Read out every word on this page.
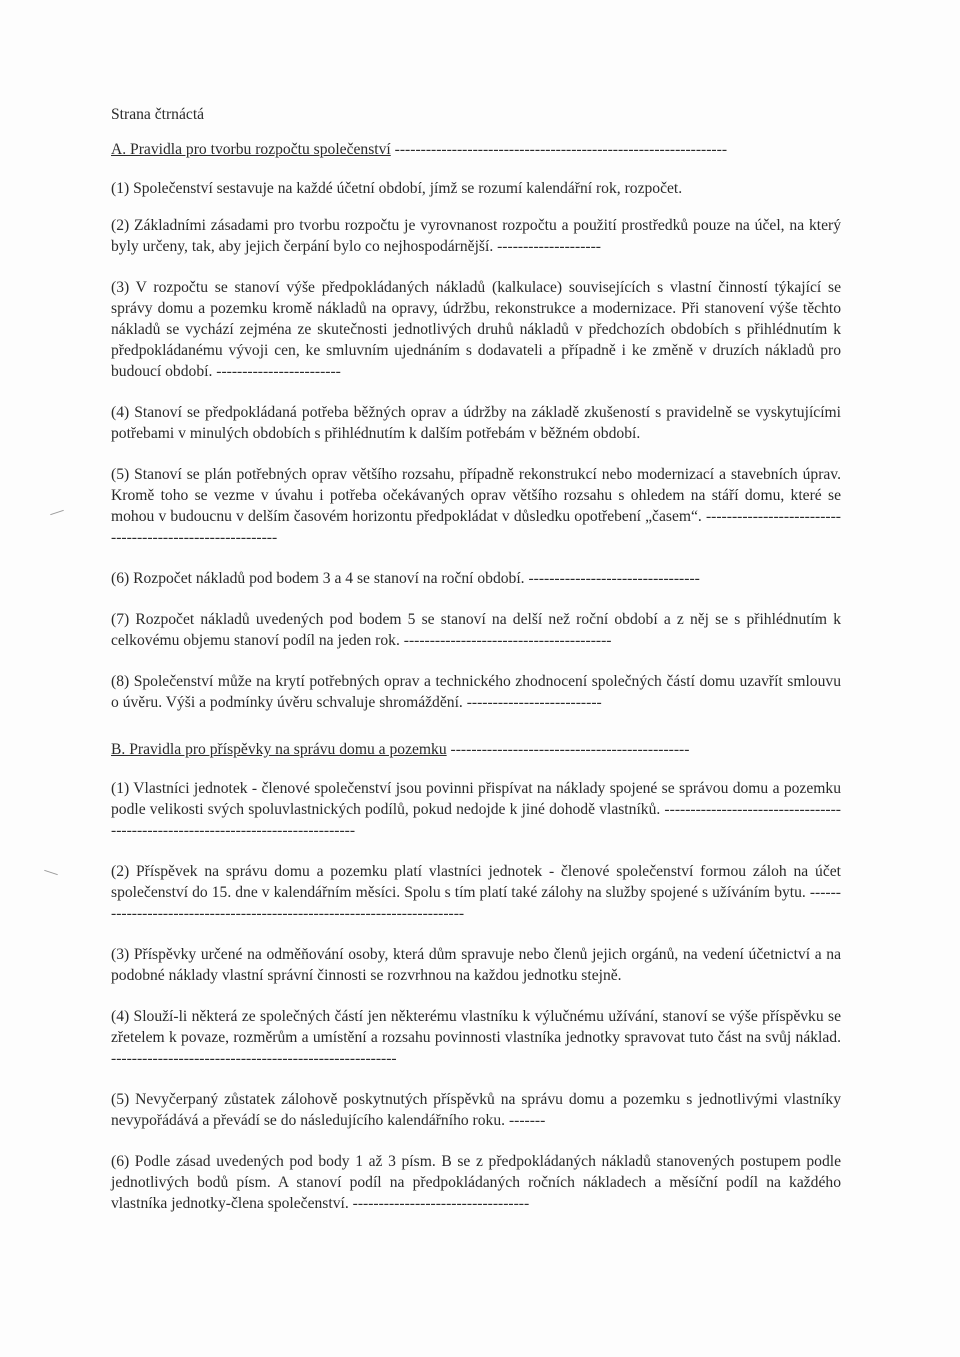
Strana čtrnáctá
A. Pravidla pro tvorbu rozpočtu společenství ----------------------------------------------------------------

(1) Společenství sestavuje na každé účetní období, jímž se rozumí kalendářní rok, rozpočet.

(2) Základními zásadami pro tvorbu rozpočtu je vyrovnanost rozpočtu a použití prostředků pouze na účel, na který byly určeny, tak, aby jejich čerpání bylo co nejhospodárnější. --------------------

(3) V rozpočtu se stanoví výše předpokládaných nákladů (kalkulace) souvisejících s vlastní činností týkající se správy domu a pozemku kromě nákladů na opravy, údržbu, rekonstrukce a modernizace. Při stanovení výše těchto nákladů se vychází zejména ze skutečnosti jednotlivých druhů nákladů v předchozích obdobích s přihlédnutím k předpokládanému vývoji cen, ke smluvním ujednáním s dodavateli a případně i ke změně v druzích nákladů pro budoucí období. ------------------------

(4) Stanoví se předpokládaná potřeba běžných oprav a údržby na základě zkušeností s pravidelně se vyskytujícími potřebami v minulých obdobích s přihlédnutím k dalším potřebám v běžném období.

(5) Stanoví se plán potřebných oprav většího rozsahu, případně rekonstrukcí nebo modernizací a stavebních úprav. Kromě toho se vezme v úvahu i potřeba očekávaných oprav většího rozsahu s ohledem na stáří domu, které se mohou v budoucnu v delším časovém horizontu předpokládat v důsledku opotřebení „časem“. ----------------------------------------------------------

(6) Rozpočet nákladů pod bodem 3 a 4 se stanoví na roční období. ---------------------------------

(7) Rozpočet nákladů uvedených pod bodem 5 se stanoví na delší než roční období a z něj se s přihlédnutím k celkovému objemu stanoví podíl na jeden rok. ----------------------------------------

(8) Společenství může na krytí potřebných oprav a technického zhodnocení společných částí domu uzavřít smlouvu o úvěru. Výši a podmínky úvěru schvaluje shromáždění. --------------------------

B. Pravidla pro příspěvky na správu domu a pozemku ----------------------------------------------

(1) Vlastníci jednotek - členové společenství jsou povinni přispívat na náklady spojené se správou domu a pozemku podle velikosti svých spoluvlastnických podílů, pokud nedojde k jiné dohodě vlastníků. ---------------------------------------------------------------------------------

(2) Příspěvek na správu domu a pozemku platí vlastníci jednotek - členové společenství formou záloh na účet společenství do 15. dne v kalendářním měsíci. Spolu s tím platí také zálohy na služby spojené s užíváním bytu. --------------------------------------------------------------------------

(3) Příspěvky určené na odměňování osoby, která dům spravuje nebo členů jejich orgánů, na vedení účetnictví a na podobné náklady vlastní správní činnosti se rozvrhnou na každou jednotku stejně.

(4) Slouží-li některá ze společných částí jen některému vlastníku k výlučnému užívání, stanoví se výše příspěvku se zřetelem k povaze, rozměrům a umístění a rozsahu povinnosti vlastníka jednotky spravovat tuto část na svůj náklad. -------------------------------------------------------

(5) Nevyčerpaný zůstatek zálohově poskytnutých příspěvků na správu domu a pozemku s jednotlivými vlastníky nevypořádává a převádí se do následujícího kalendářního roku. -------

(6) Podle zásad uvedených pod body 1 až 3 písm. B se z předpokládaných nákladů stanovených postupem podle jednotlivých bodů písm. A stanoví podíl na předpokládaných ročních nákladech a měsíční podíl na každého vlastníka jednotky-člena společenství. ----------------------------------
